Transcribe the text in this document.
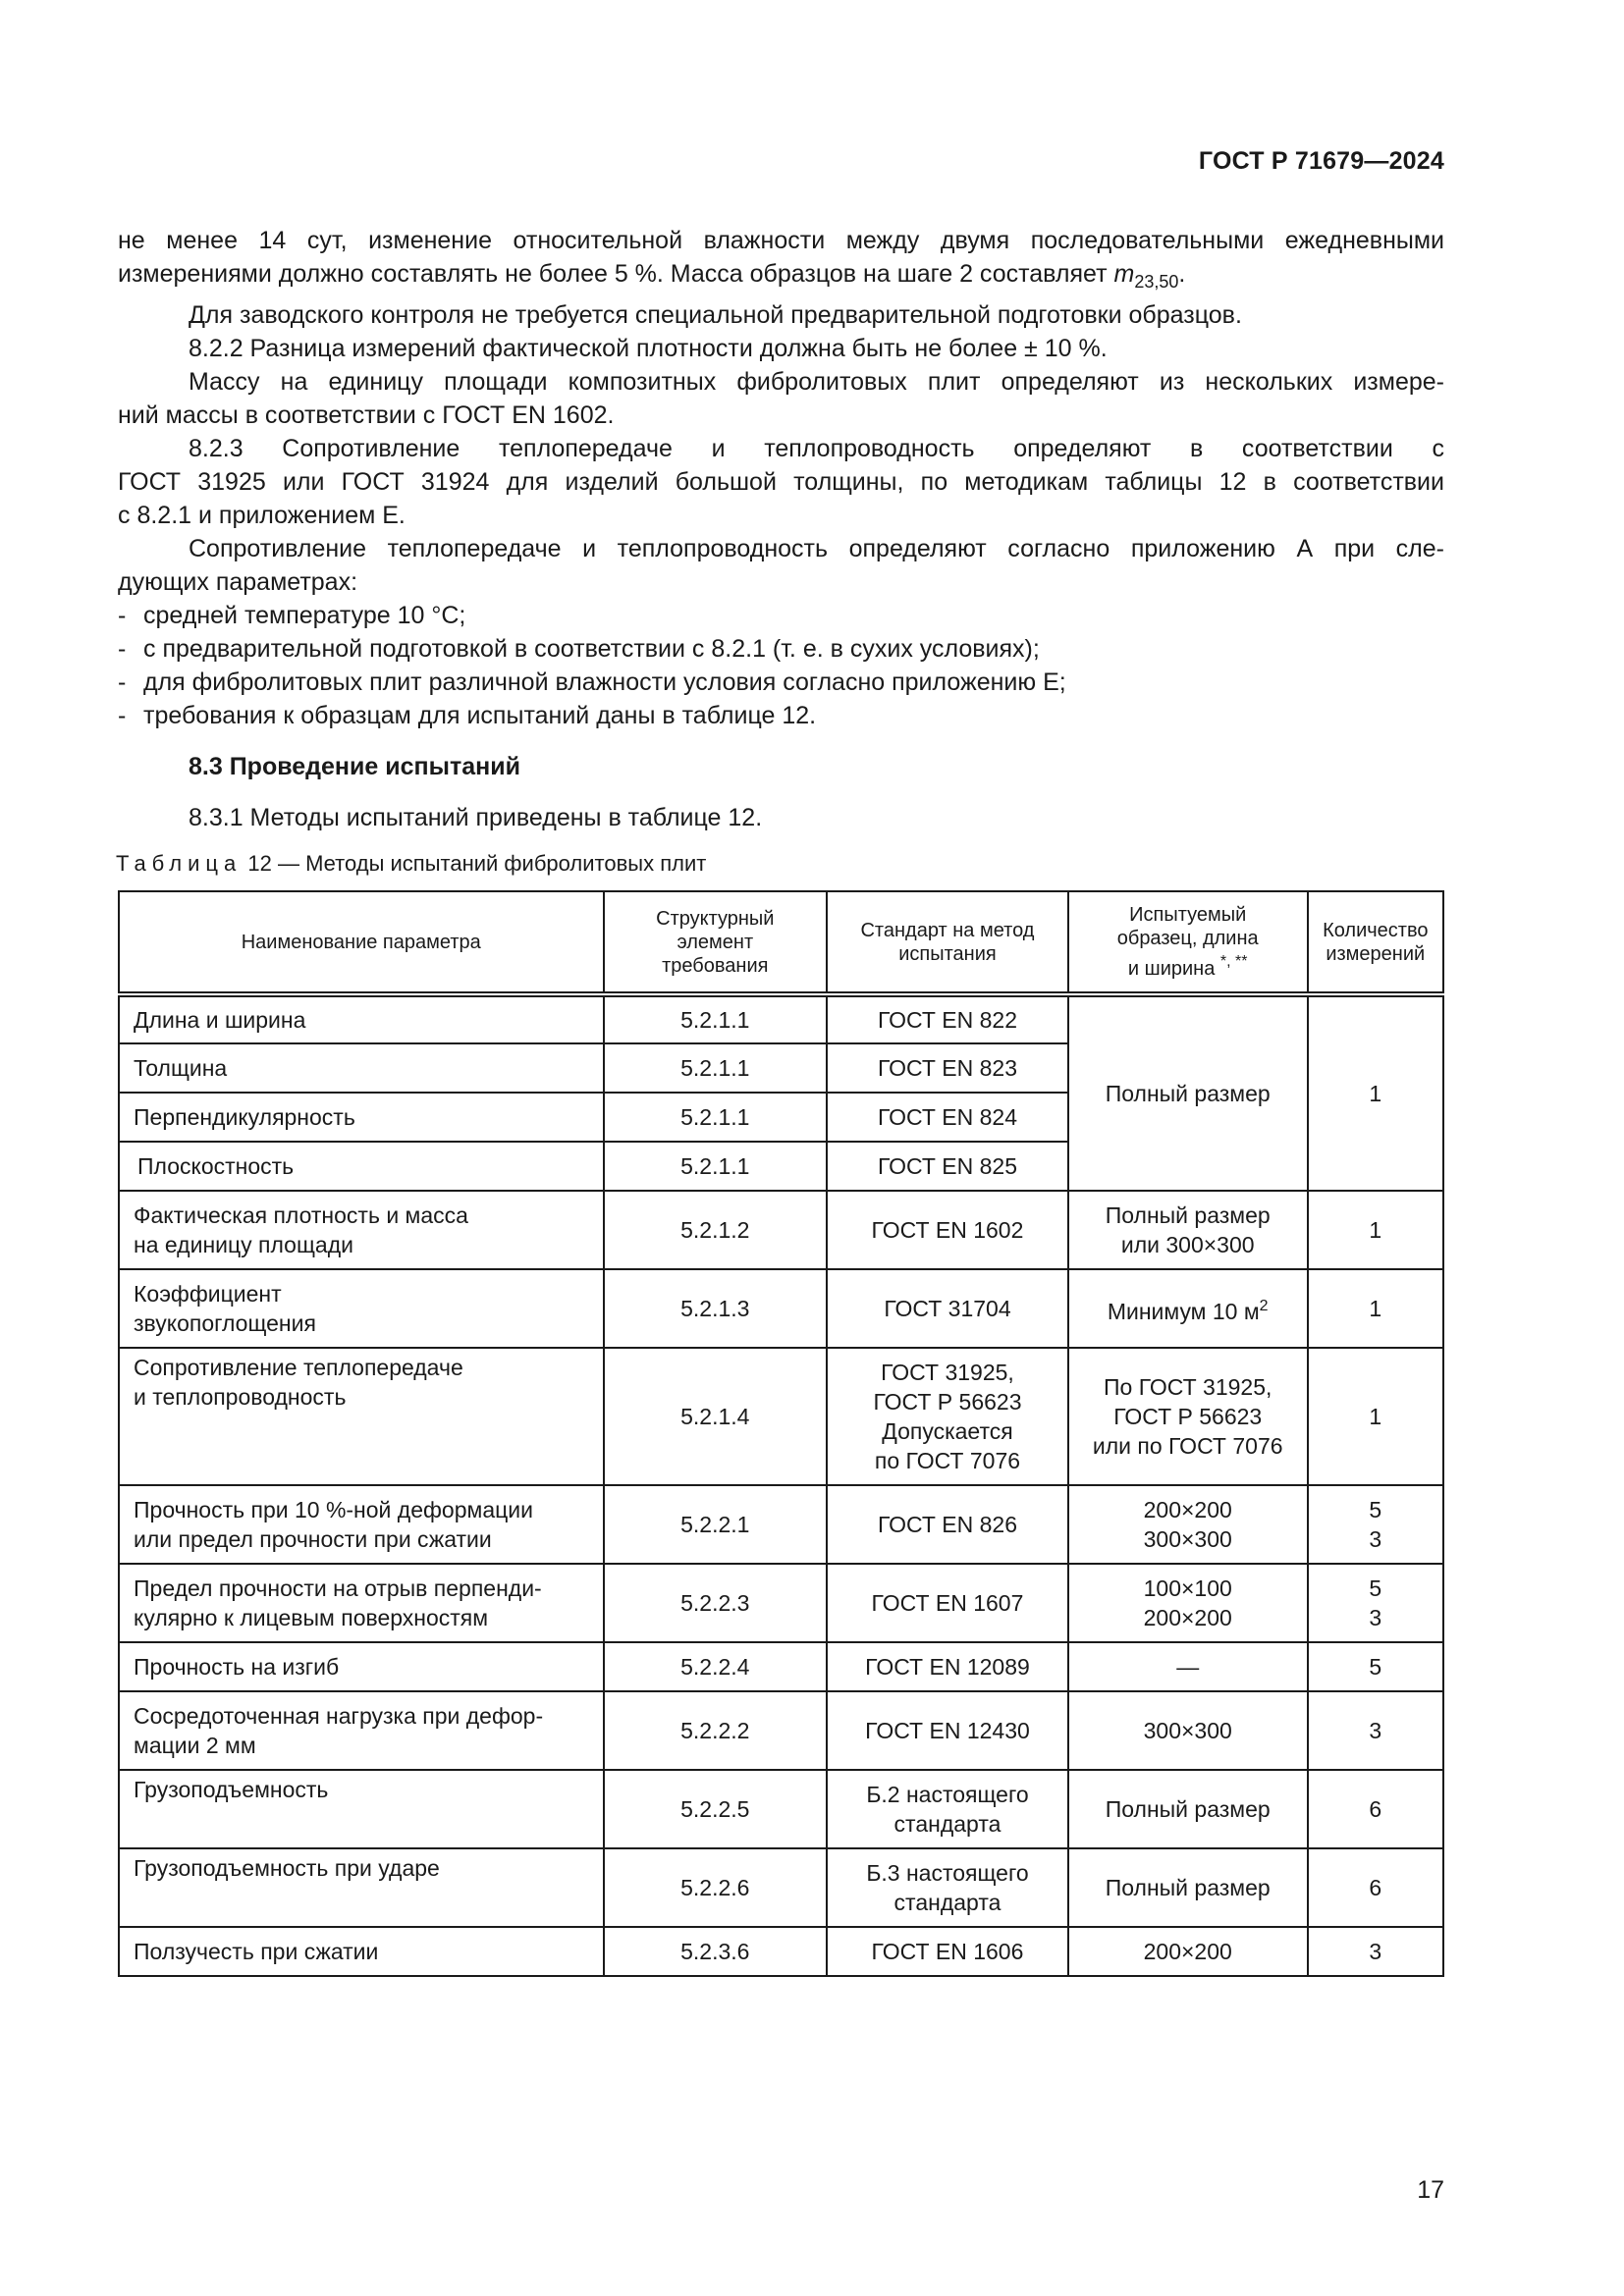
ГОСТ Р 71679—2024

не менее 14 сут, изменение относительной влажности между двумя последовательными ежедневными

измерениями должно составлять не более 5 %. Масса образцов на шаге 2 составляет $m_{23,50}$.

Для заводского контроля не требуется специальной предварительной подготовки образцов.

8.2.2 Разница измерений фактической плотности должна быть не более ± 10 %.

Массу на единицу площади композитных фибролитовых плит определяют из нескольких измере-

ний массы в соответствии с ГОСТ EN 1602.

8.2.3 Сопротивление теплопередаче и теплопроводность определяют в соответствии с

ГОСТ 31925 или ГОСТ 31924 для изделий большой толщины, по методикам таблицы 12 в соответствии

с 8.2.1 и приложением Е.

Сопротивление теплопередаче и теплопроводность определяют согласно приложению А при сле-

дующих параметрах:

- средней температуре 10 °С;

- с предварительной подготовкой в соответствии с 8.2.1 (т. е. в сухих условиях);

- для фибролитовых плит различной влажности условия согласно приложению Е;

- требования к образцам для испытаний даны в таблице 12.

8.3 Проведение испытаний

8.3.1 Методы испытаний приведены в таблице 12.

Таблица 12 — Методы испытаний фибролитовых плит
Наименование параметра	Структурный
элемент
требования	Стандарт на метод
испытания	Испытуемый
образец, длина
и ширина *, **	Количество
измерений
Длина и ширина	5.2.1.1	ГОСТ EN 822	Полный размер	1
Толщина	5.2.1.1	ГОСТ EN 823		
Перпендикулярность	5.2.1.1	ГОСТ EN 824		
Плоскостность	5.2.1.1	ГОСТ EN 825		
Фактическая плотность и масса
на единицу площади	5.2.1.2	ГОСТ EN 1602	Полный размер
или 300×300	1
Коэффициент
звукопоглощения	5.2.1.3	ГОСТ 31704	Минимум 10 $м^2$	1
Сопротивление теплопередаче
и теплопроводность	5.2.1.4	ГОСТ 31925,
ГОСТ Р 56623
Допускается
по ГОСТ 7076	По ГОСТ 31925,
ГОСТ Р 56623
или по ГОСТ 7076	1
Прочность при 10 %-ной деформации
или предел прочности при сжатии	5.2.2.1	ГОСТ EN 826	200×200
300×300	5
3
Предел прочности на отрыв перпенди-
кулярно к лицевым поверхностям	5.2.2.3	ГОСТ EN 1607	100×100
200×200	5
3
Прочность на изгиб	5.2.2.4	ГОСТ EN 12089	—	5
Сосредоточенная нагрузка при дефор-
мации 2 мм	5.2.2.2	ГОСТ EN 12430	300×300	3
Грузоподъемность	5.2.2.5	Б.2 настоящего
стандарта	Полный размер	6
Грузоподъемность при ударе	5.2.2.6	Б.3 настоящего
стандарта	Полный размер	6
Ползучесть при сжатии	5.2.3.6	ГОСТ EN 1606	200×200	3
17
